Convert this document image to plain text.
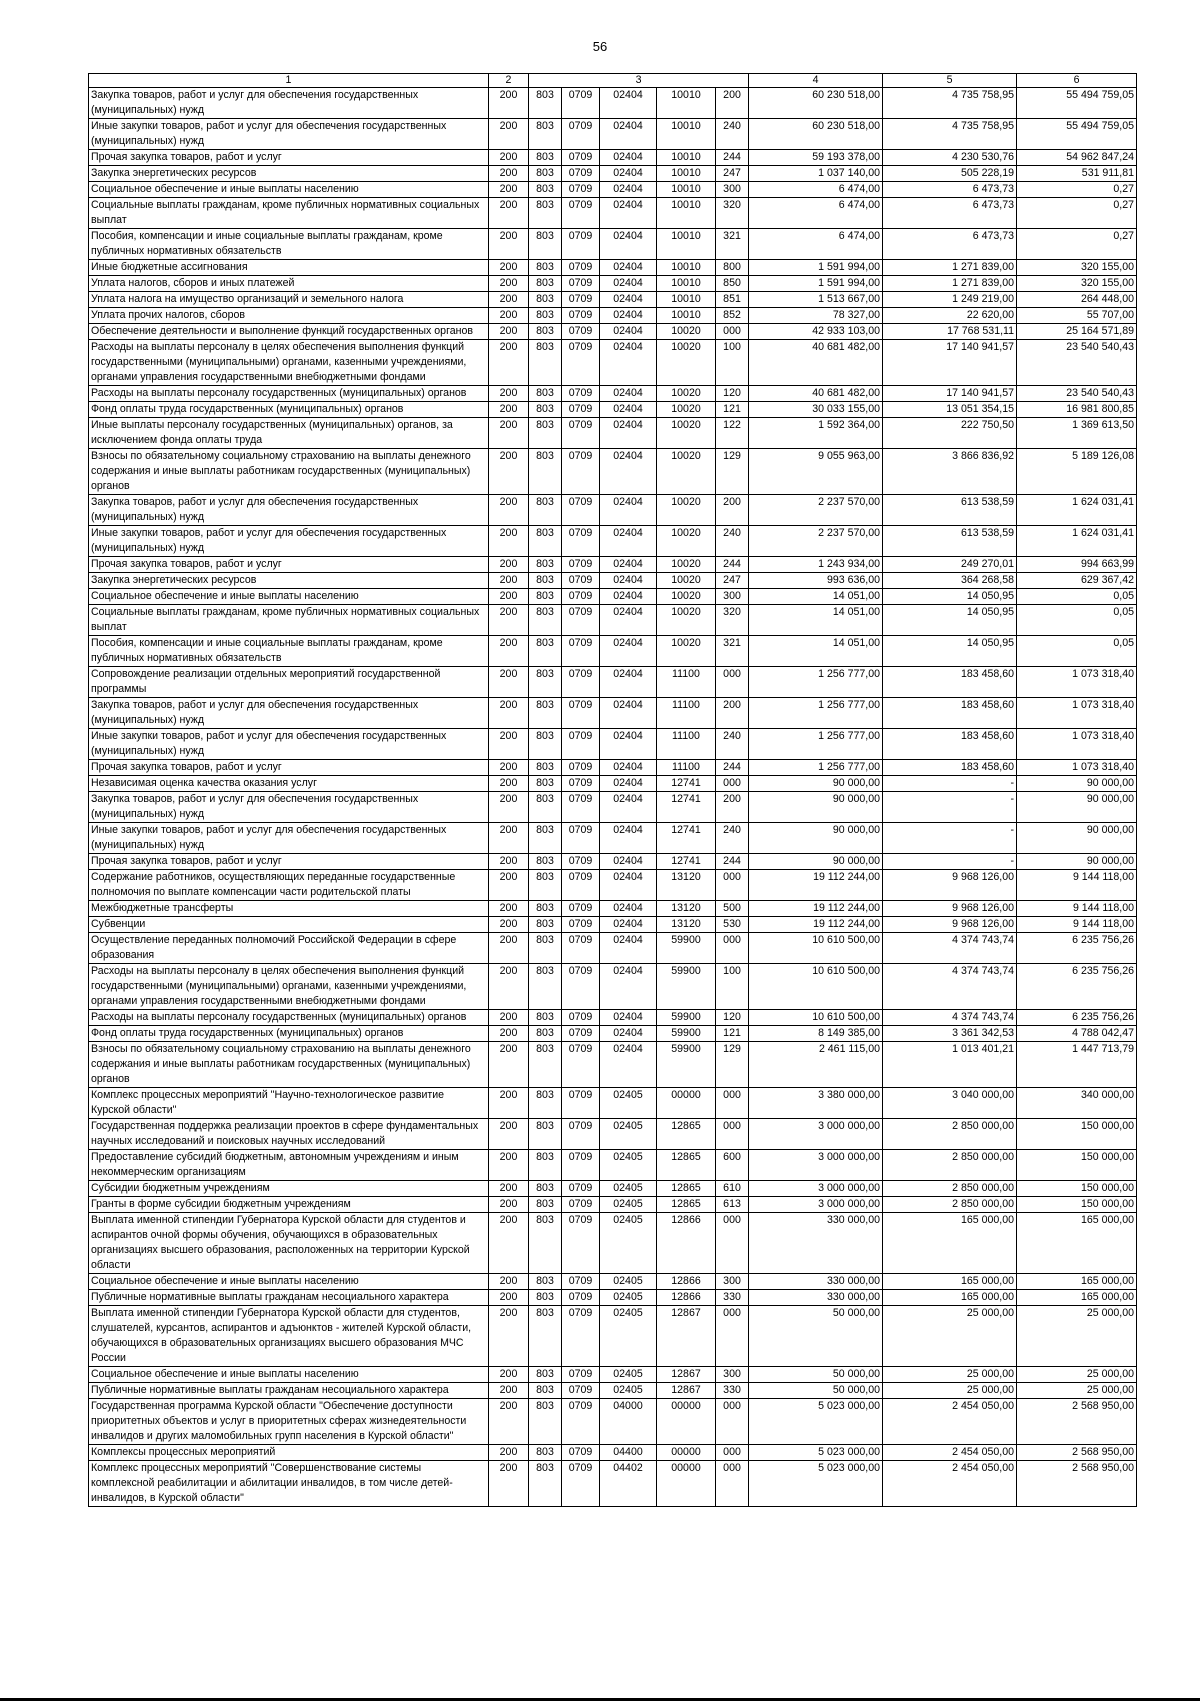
56
1	2	3					4	5	6
Закупка товаров, работ и услуг для обеспечения государственных (муниципальных) нужд	200	803	0709	02404	10010	200	60 230 518,00	4 735 758,95	55 494 759,05
Иные закупки товаров, работ и услуг для обеспечения государственных (муниципальных) нужд	200	803	0709	02404	10010	240	60 230 518,00	4 735 758,95	55 494 759,05
Прочая закупка товаров, работ и услуг	200	803	0709	02404	10010	244	59 193 378,00	4 230 530,76	54 962 847,24
Закупка энергетических ресурсов	200	803	0709	02404	10010	247	1 037 140,00	505 228,19	531 911,81
Социальное обеспечение и иные выплаты населению	200	803	0709	02404	10010	300	6 474,00	6 473,73	0,27
Социальные выплаты гражданам, кроме публичных нормативных социальных выплат	200	803	0709	02404	10010	320	6 474,00	6 473,73	0,27
Пособия, компенсации и иные социальные выплаты гражданам, кроме публичных нормативных обязательств	200	803	0709	02404	10010	321	6 474,00	6 473,73	0,27
Иные бюджетные ассигнования	200	803	0709	02404	10010	800	1 591 994,00	1 271 839,00	320 155,00
Уплата налогов, сборов и иных платежей	200	803	0709	02404	10010	850	1 591 994,00	1 271 839,00	320 155,00
Уплата налога на имущество организаций и земельного налога	200	803	0709	02404	10010	851	1 513 667,00	1 249 219,00	264 448,00
Уплата прочих налогов, сборов	200	803	0709	02404	10010	852	78 327,00	22 620,00	55 707,00
Обеспечение деятельности и выполнение функций государственных органов	200	803	0709	02404	10020	000	42 933 103,00	17 768 531,11	25 164 571,89
Расходы на выплаты персоналу в целях обеспечения выполнения функций государственными (муниципальными) органами, казенными учреждениями, органами управления государственными внебюджетными фондами	200	803	0709	02404	10020	100	40 681 482,00	17 140 941,57	23 540 540,43
Расходы на выплаты персоналу государственных (муниципальных) органов	200	803	0709	02404	10020	120	40 681 482,00	17 140 941,57	23 540 540,43
Фонд оплаты труда государственных (муниципальных) органов	200	803	0709	02404	10020	121	30 033 155,00	13 051 354,15	16 981 800,85
Иные выплаты персоналу государственных (муниципальных) органов, за исключением фонда оплаты труда	200	803	0709	02404	10020	122	1 592 364,00	222 750,50	1 369 613,50
Взносы по обязательному социальному страхованию на выплаты денежного содержания и иные выплаты работникам государственных (муниципальных) органов	200	803	0709	02404	10020	129	9 055 963,00	3 866 836,92	5 189 126,08
Закупка товаров, работ и услуг для обеспечения государственных (муниципальных) нужд	200	803	0709	02404	10020	200	2 237 570,00	613 538,59	1 624 031,41
Иные закупки товаров, работ и услуг для обеспечения государственных (муниципальных) нужд	200	803	0709	02404	10020	240	2 237 570,00	613 538,59	1 624 031,41
Прочая закупка товаров, работ и услуг	200	803	0709	02404	10020	244	1 243 934,00	249 270,01	994 663,99
Закупка энергетических ресурсов	200	803	0709	02404	10020	247	993 636,00	364 268,58	629 367,42
Социальное обеспечение и иные выплаты населению	200	803	0709	02404	10020	300	14 051,00	14 050,95	0,05
Социальные выплаты гражданам, кроме публичных нормативных социальных выплат	200	803	0709	02404	10020	320	14 051,00	14 050,95	0,05
Пособия, компенсации и иные социальные выплаты гражданам, кроме публичных нормативных обязательств	200	803	0709	02404	10020	321	14 051,00	14 050,95	0,05
Сопровождение реализации отдельных мероприятий государственной программы	200	803	0709	02404	11100	000	1 256 777,00	183 458,60	1 073 318,40
Закупка товаров, работ и услуг для обеспечения государственных (муниципальных) нужд	200	803	0709	02404	11100	200	1 256 777,00	183 458,60	1 073 318,40
Иные закупки товаров, работ и услуг для обеспечения государственных (муниципальных) нужд	200	803	0709	02404	11100	240	1 256 777,00	183 458,60	1 073 318,40
Прочая закупка товаров, работ и услуг	200	803	0709	02404	11100	244	1 256 777,00	183 458,60	1 073 318,40
Независимая оценка качества оказания услуг	200	803	0709	02404	12741	000	90 000,00	-	90 000,00
Закупка товаров, работ и услуг для обеспечения государственных (муниципальных) нужд	200	803	0709	02404	12741	200	90 000,00	-	90 000,00
Иные закупки товаров, работ и услуг для обеспечения государственных (муниципальных) нужд	200	803	0709	02404	12741	240	90 000,00	-	90 000,00
Прочая закупка товаров, работ и услуг	200	803	0709	02404	12741	244	90 000,00	-	90 000,00
Содержание работников, осуществляющих переданные государственные полномочия по выплате компенсации части родительской платы	200	803	0709	02404	13120	000	19 112 244,00	9 968 126,00	9 144 118,00
Межбюджетные трансферты	200	803	0709	02404	13120	500	19 112 244,00	9 968 126,00	9 144 118,00
Субвенции	200	803	0709	02404	13120	530	19 112 244,00	9 968 126,00	9 144 118,00
Осуществление переданных полномочий Российской Федерации в сфере образования	200	803	0709	02404	59900	000	10 610 500,00	4 374 743,74	6 235 756,26
Расходы на выплаты персоналу в целях обеспечения выполнения функций государственными (муниципальными) органами, казенными учреждениями, органами управления государственными внебюджетными фондами	200	803	0709	02404	59900	100	10 610 500,00	4 374 743,74	6 235 756,26
Расходы на выплаты персоналу государственных (муниципальных) органов	200	803	0709	02404	59900	120	10 610 500,00	4 374 743,74	6 235 756,26
Фонд оплаты труда государственных (муниципальных) органов	200	803	0709	02404	59900	121	8 149 385,00	3 361 342,53	4 788 042,47
Взносы по обязательному социальному страхованию на выплаты денежного содержания и иные выплаты работникам государственных (муниципальных) органов	200	803	0709	02404	59900	129	2 461 115,00	1 013 401,21	1 447 713,79
Комплекс процессных мероприятий "Научно-технологическое развитие Курской области"	200	803	0709	02405	00000	000	3 380 000,00	3 040 000,00	340 000,00
Государственная поддержка реализации проектов в сфере фундаментальных научных исследований и поисковых научных исследований	200	803	0709	02405	12865	000	3 000 000,00	2 850 000,00	150 000,00
Предоставление субсидий бюджетным, автономным учреждениям и иным некоммерческим организациям	200	803	0709	02405	12865	600	3 000 000,00	2 850 000,00	150 000,00
Субсидии бюджетным учреждениям	200	803	0709	02405	12865	610	3 000 000,00	2 850 000,00	150 000,00
Гранты в форме субсидии бюджетным учреждениям	200	803	0709	02405	12865	613	3 000 000,00	2 850 000,00	150 000,00
Выплата именной стипендии Губернатора Курской области для студентов и аспирантов очной формы обучения, обучающихся в образовательных организациях высшего образования, расположенных на территории Курской области	200	803	0709	02405	12866	000	330 000,00	165 000,00	165 000,00
Социальное обеспечение и иные выплаты населению	200	803	0709	02405	12866	300	330 000,00	165 000,00	165 000,00
Публичные нормативные выплаты гражданам несоциального характера	200	803	0709	02405	12866	330	330 000,00	165 000,00	165 000,00
Выплата именной стипендии Губернатора Курской области для студентов, слушателей, курсантов, аспирантов и адъюнктов - жителей Курской области, обучающихся в образовательных организациях высшего образования МЧС России	200	803	0709	02405	12867	000	50 000,00	25 000,00	25 000,00
Социальное обеспечение и иные выплаты населению	200	803	0709	02405	12867	300	50 000,00	25 000,00	25 000,00
Публичные нормативные выплаты гражданам несоциального характера	200	803	0709	02405	12867	330	50 000,00	25 000,00	25 000,00
Государственная программа Курской области "Обеспечение доступности приоритетных объектов и услуг в приоритетных сферах жизнедеятельности инвалидов и других маломобильных групп населения в Курской области"	200	803	0709	04000	00000	000	5 023 000,00	2 454 050,00	2 568 950,00
Комплексы процессных мероприятий	200	803	0709	04400	00000	000	5 023 000,00	2 454 050,00	2 568 950,00
Комплекс процессных мероприятий "Совершенствование системы комплексной реабилитации и абилитации инвалидов, в том числе детей-инвалидов, в Курской области"	200	803	0709	04402	00000	000	5 023 000,00	2 454 050,00	2 568 950,00
